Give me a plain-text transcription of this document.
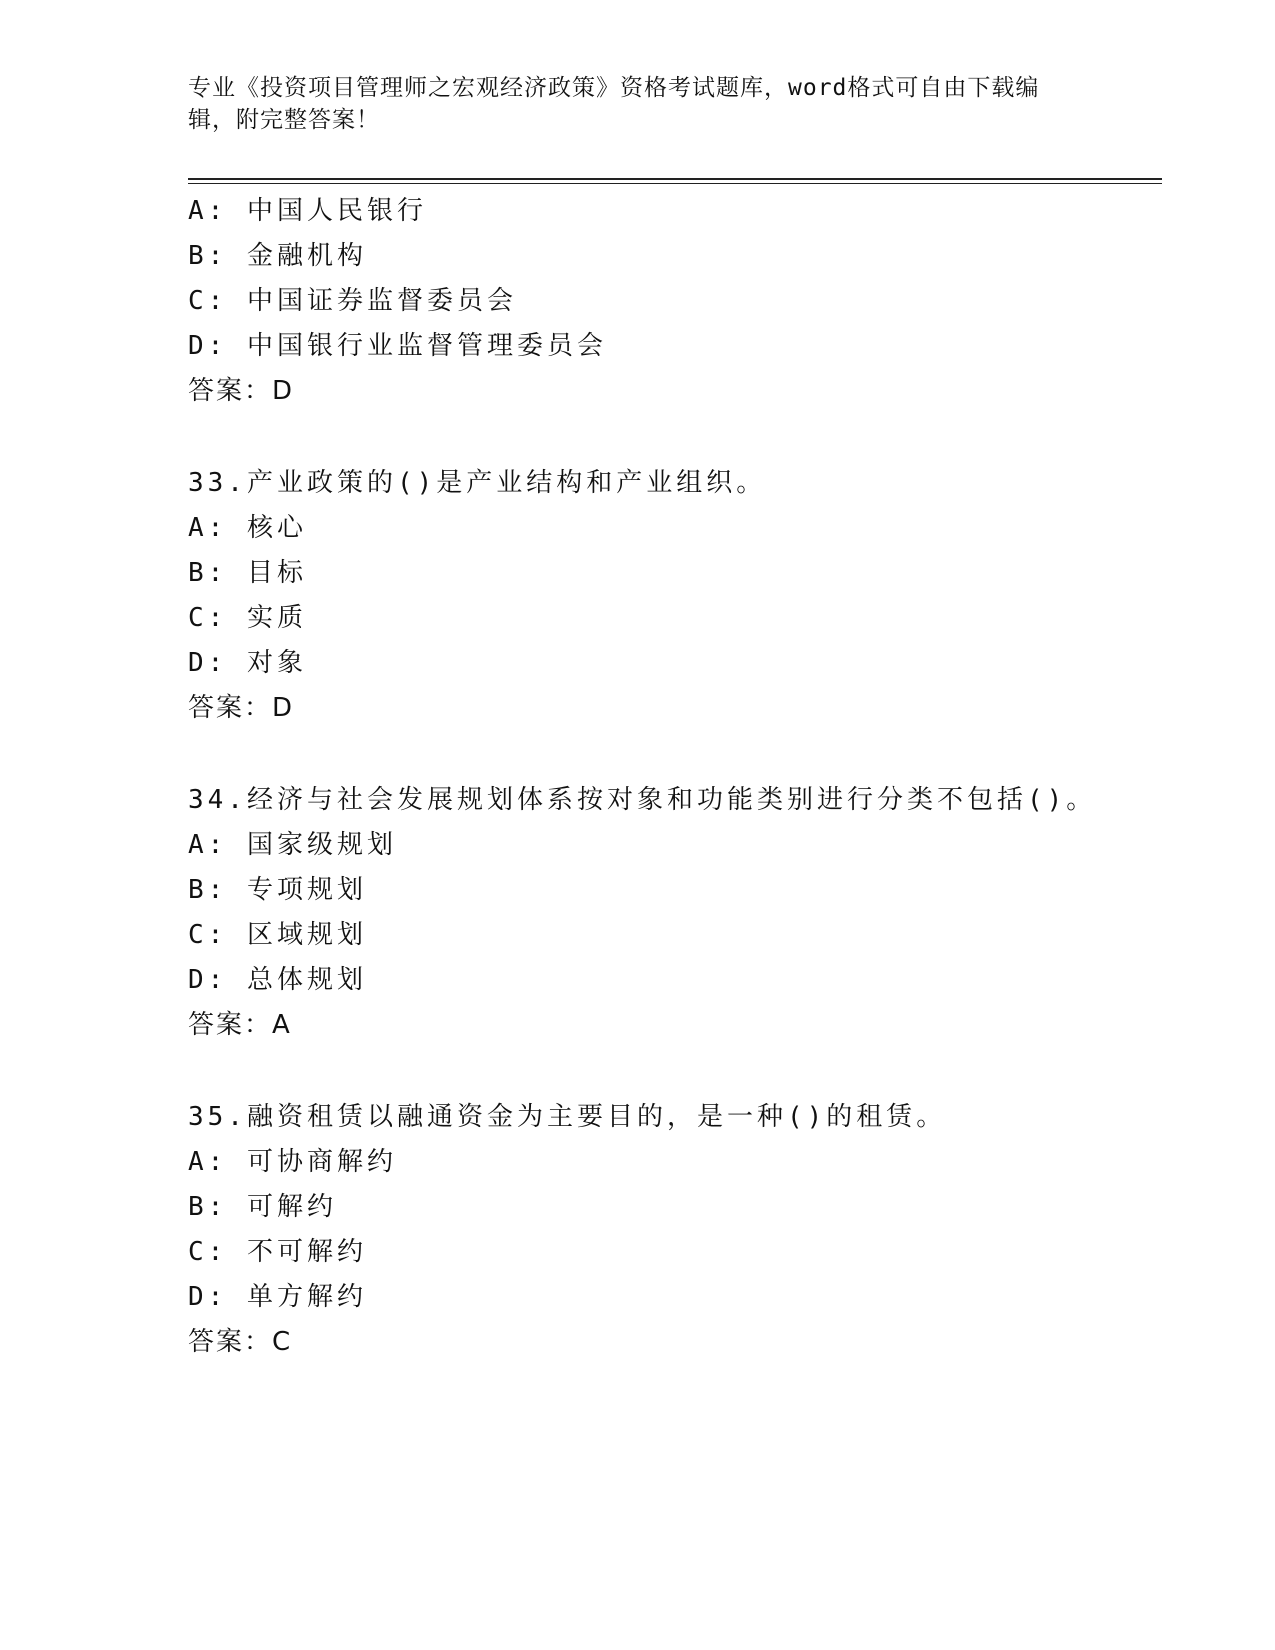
专业《投资项目管理师之宏观经济政策》资格考试题库，word格式可自由下载编
辑，附完整答案！
A: 中国人民银行
B: 金融机构
C: 中国证券监督委员会
D: 中国银行业监督管理委员会
答案：D
33.产业政策的()是产业结构和产业组织。
A: 核心
B: 目标
C: 实质
D: 对象
答案：D
34.经济与社会发展规划体系按对象和功能类别进行分类不包括()。
A: 国家级规划
B: 专项规划
C: 区域规划
D: 总体规划
答案：A
35.融资租赁以融通资金为主要目的，是一种()的租赁。
A: 可协商解约
B: 可解约
C: 不可解约
D: 单方解约
答案：C
